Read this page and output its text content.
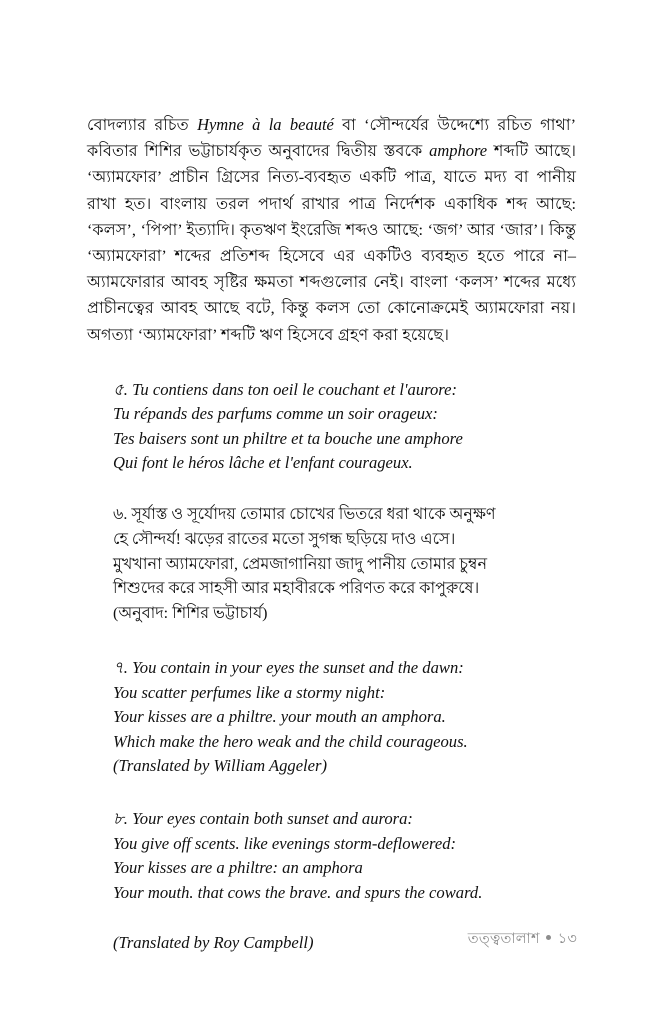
বোদল্যার রচিত Hymne à la beauté বা ‘সৌন্দর্যের উদ্দেশ্যে রচিত গাথা’ কবিতার শিশির ভট্টাচার্যকৃত অনুবাদের দ্বিতীয় স্তবকে amphore শব্দটি আছে। ‘অ্যামফোর’ প্রাচীন গ্রিসের নিত্য-ব্যবহৃত একটি পাত্র, যাতে মদ্য বা পানীয় রাখা হত। বাংলায় তরল পদার্থ রাখার পাত্র নির্দেশক একাধিক শব্দ আছে: ‘কলস’, ‘পিপা’ ইত্যাদি। কৃতঋণ ইংরেজি শব্দও আছে: ‘জগ’ আর ‘জার’। কিন্তু ‘অ্যামফোরা’ শব্দের প্রতিশব্দ হিসেবে এর একটিও ব্যবহৃত হতে পারে না–অ্যামফোরার আবহ সৃষ্টির ক্ষমতা শব্দগুলোর নেই। বাংলা ‘কলস’ শব্দের মধ্যে প্রাচীনত্বের আবহ আছে বটে, কিন্তু কলস তো কোনোক্রমেই অ্যামফোরা নয়। অগত্যা ‘অ্যামফোরা’ শব্দটি ঋণ হিসেবে গ্রহণ করা হয়েছে।

৫. Tu contiens dans ton oeil le couchant et l'aurore:
Tu répands des parfums comme un soir orageux:
Tes baisers sont un philtre et ta bouche une amphore
Qui font le héros lâche et l'enfant courageux.
৬. সূর্যাস্ত ও সূর্যোদয় তোমার চোখের ভিতরে ধরা থাকে অনুক্ষণ
হে সৌন্দর্য! ঝড়ের রাতের মতো সুগন্ধ ছড়িয়ে দাও এসে।
মুখখানা অ্যামফোরা, প্রেমজাগানিয়া জাদু পানীয় তোমার চুম্বন
শিশুদের করে সাহসী আর মহাবীরকে পরিণত করে কাপুরুষে।
(অনুবাদ: শিশির ভট্টাচার্য)
৭. You contain in your eyes the sunset and the dawn:
You scatter perfumes like a stormy night:
Your kisses are a philtre. your mouth an amphora.
Which make the hero weak and the child courageous.
(Translated by William Aggeler)
৮. Your eyes contain both sunset and aurora:
You give off scents. like evenings storm-deflowered:
Your kisses are a philtre: an amphora
Your mouth. that cows the brave. and spurs the coward.
(Translated by Roy Campbell)	তত্ত্বতালাশ ১৩
